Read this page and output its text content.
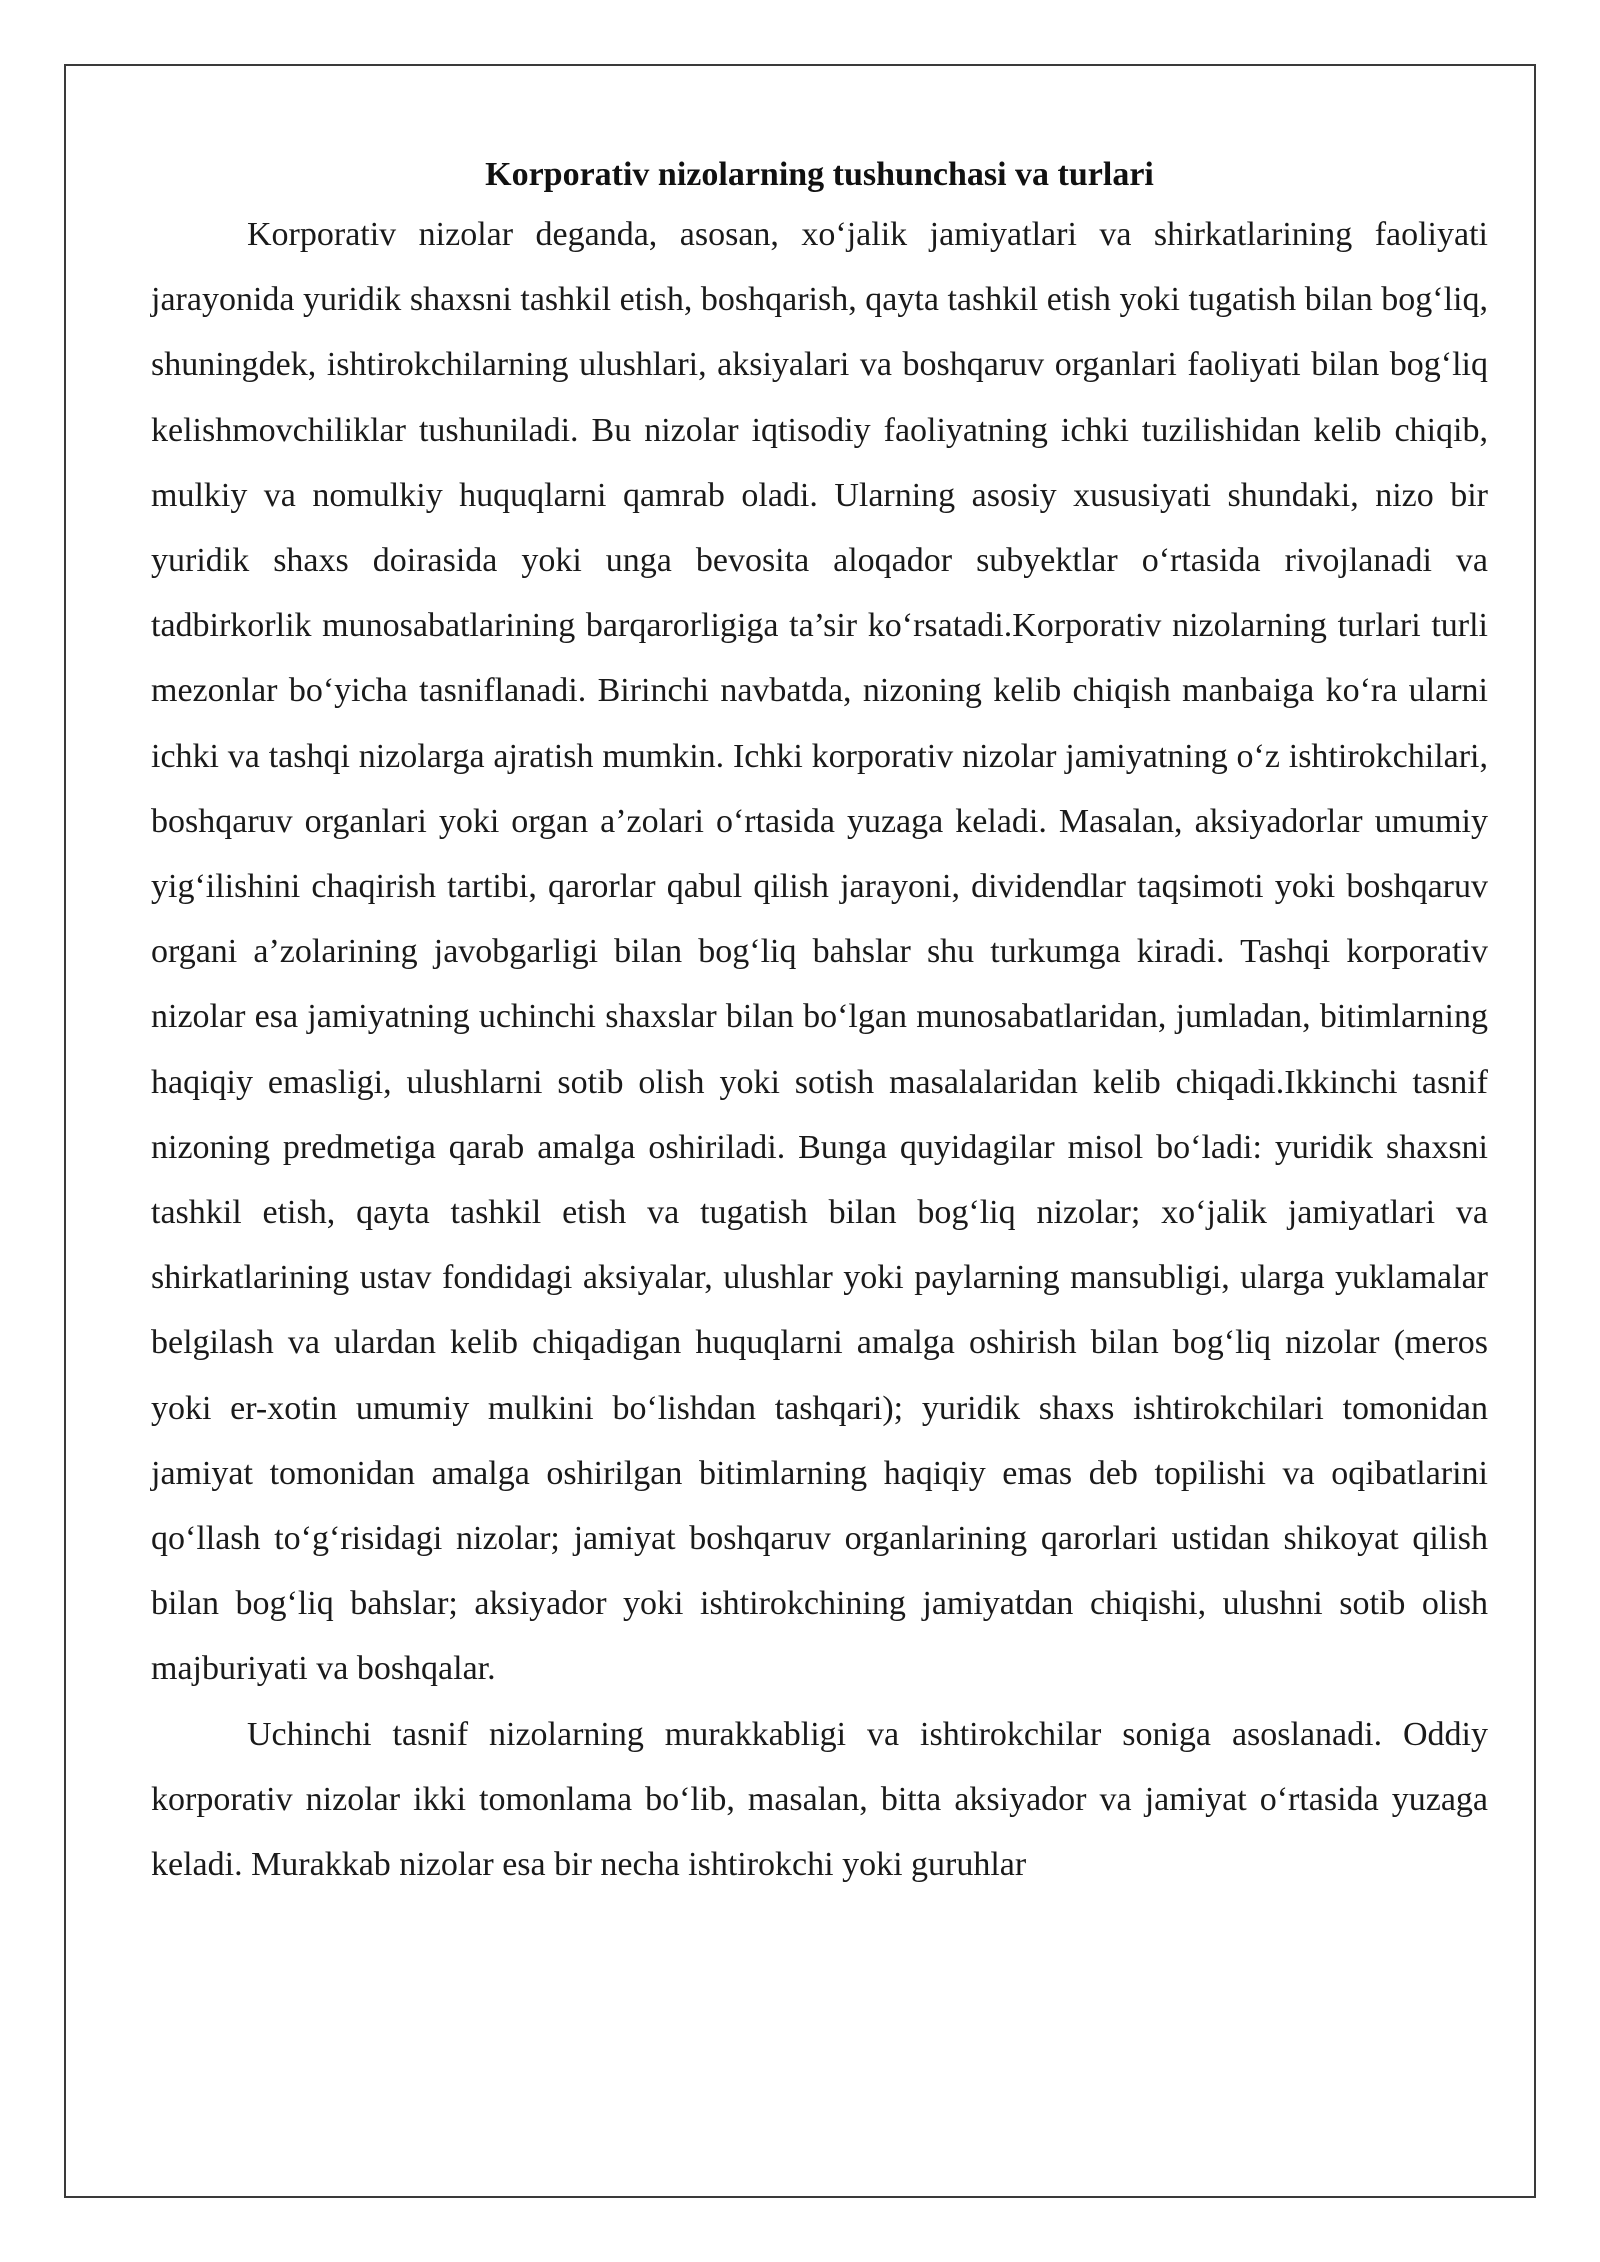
Korporativ nizolarning tushunchasi va turlari

Korporativ nizolar deganda, asosan, xo‘jalik jamiyatlari va shirkatlarining faoliyati jarayonida yuridik shaxsni tashkil etish, boshqarish, qayta tashkil etish yoki tugatish bilan bog‘liq, shuningdek, ishtirokchilarning ulushlari, aksiyalari va boshqaruv organlari faoliyati bilan bog‘liq kelishmovchiliklar tushuniladi. Bu nizolar iqtisodiy faoliyatning ichki tuzilishidan kelib chiqib, mulkiy va nomulkiy huquqlarni qamrab oladi. Ularning asosiy xususiyati shundaki, nizo bir yuridik shaxs doirasida yoki unga bevosita aloqador subyektlar o‘rtasida rivojlanadi va tadbirkorlik munosabatlarining barqarorligiga ta’sir ko‘rsatadi.Korporativ nizolarning turlari turli mezonlar bo‘yicha tasniflanadi. Birinchi navbatda, nizoning kelib chiqish manbaiga ko‘ra ularni ichki va tashqi nizolarga ajratish mumkin. Ichki korporativ nizolar jamiyatning o‘z ishtirokchilari, boshqaruv organlari yoki organ a’zolari o‘rtasida yuzaga keladi. Masalan, aksiyadorlar umumiy yig‘ilishini chaqirish tartibi, qarorlar qabul qilish jarayoni, dividendlar taqsimoti yoki boshqaruv organi a’zolarining javobgarligi bilan bog‘liq bahslar shu turkumga kiradi. Tashqi korporativ nizolar esa jamiyatning uchinchi shaxslar bilan bo‘lgan munosabatlaridan, jumladan, bitimlarning haqiqiy emasligi, ulushlarni sotib olish yoki sotish masalalaridan kelib chiqadi.Ikkinchi tasnif nizoning predmetiga qarab amalga oshiriladi. Bunga quyidagilar misol bo‘ladi: yuridik shaxsni tashkil etish, qayta tashkil etish va tugatish bilan bog‘liq nizolar; xo‘jalik jamiyatlari va shirkatlarining ustav fondidagi aksiyalar, ulushlar yoki paylarning mansubligi, ularga yuklamalar belgilash va ulardan kelib chiqadigan huquqlarni amalga oshirish bilan bog‘liq nizolar (meros yoki er-xotin umumiy mulkini bo‘lishdan tashqari); yuridik shaxs ishtirokchilari tomonidan jamiyat tomonidan amalga oshirilgan bitimlarning haqiqiy emas deb topilishi va oqibatlarini qo‘llash to‘g‘risidagi nizolar; jamiyat boshqaruv organlarining qarorlari ustidan shikoyat qilish bilan bog‘liq bahslar; aksiyador yoki ishtirokchining jamiyatdan chiqishi, ulushni sotib olish majburiyati va boshqalar.

Uchinchi tasnif nizolarning murakkabligi va ishtirokchilar soniga asoslanadi. Oddiy korporativ nizolar ikki tomonlama bo‘lib, masalan, bitta aksiyador va jamiyat o‘rtasida yuzaga keladi. Murakkab nizolar esa bir necha ishtirokchi yoki guruhlar
